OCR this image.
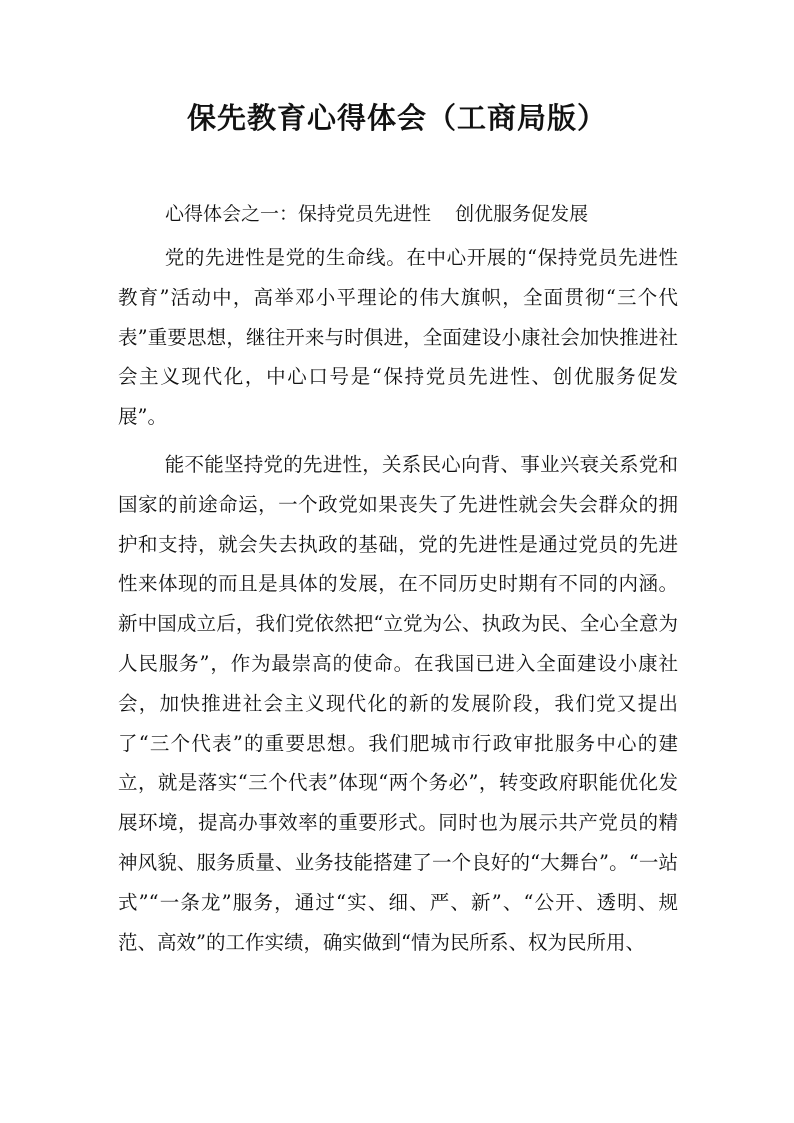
保先教育心得体会（工商局版）
心得体会之一：保持党员先进性    创优服务促发展

党的先进性是党的生命线。在中心开展的“保持党员先进性教育”活动中，高举邓小平理论的伟大旗帜，全面贯彻“三个代表”重要思想，继往开来与时俱进，全面建设小康社会加快推进社会主义现代化，中心口号是“保持党员先进性、创优服务促发展”。

能不能坚持党的先进性，关系民心向背、事业兴衰关系党和国家的前途命运，一个政党如果丧失了先进性就会失会群众的拥护和支持，就会失去执政的基础，党的先进性是通过党员的先进性来体现的而且是具体的发展，在不同历史时期有不同的内涵。新中国成立后，我们党依然把“立党为公、执政为民、全心全意为人民服务”，作为最崇高的使命。在我国已进入全面建设小康社会，加快推进社会主义现代化的新的发展阶段，我们党又提出了“三个代表”的重要思想。我们肥城市行政审批服务中心的建立，就是落实“三个代表”体现“两个务必”，转变政府职能优化发展环境，提高办事效率的重要形式。同时也为展示共产党员的精神风貌、服务质量、业务技能搭建了一个良好的“大舞台”。“一站式”“一条龙”服务，通过“实、细、严、新”、“公开、透明、规范、高效”的工作实绩，确实做到“情为民所系、权为民所用、
